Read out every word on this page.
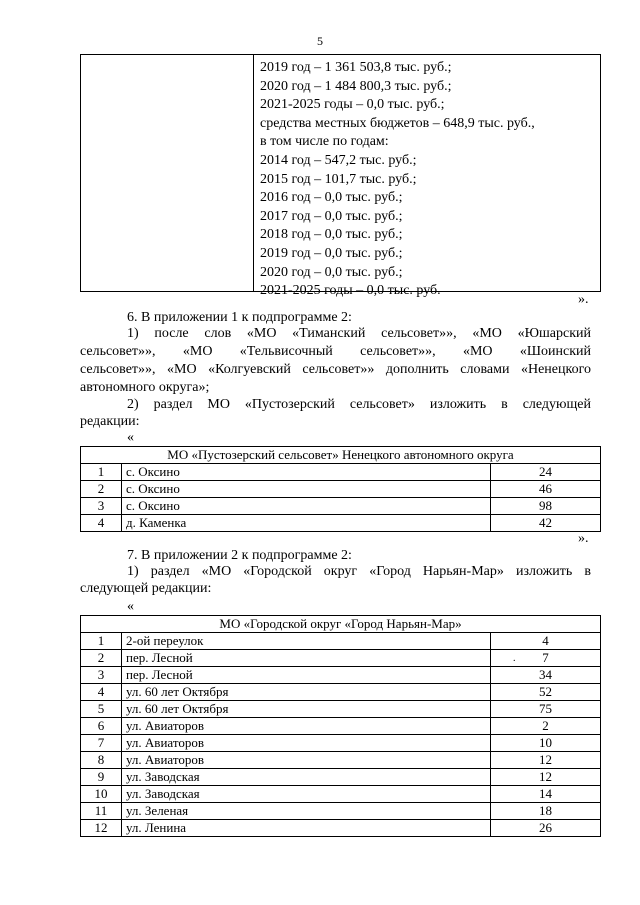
5
2019 год – 1 361 503,8 тыс. руб.;
2020 год – 1 484 800,3 тыс. руб.;
2021-2025 годы – 0,0 тыс. руб.;
средства местных бюджетов – 648,9 тыс. руб.,
в том числе по годам:
2014 год – 547,2 тыс. руб.;
2015 год – 101,7 тыс. руб.;
2016 год – 0,0 тыс. руб.;
2017 год – 0,0 тыс. руб.;
2018 год – 0,0 тыс. руб.;
2019 год – 0,0 тыс. руб.;
2020 год – 0,0 тыс. руб.;
2021-2025 годы – 0,0 тыс. руб.
».
6. В приложении 1 к подпрограмме 2:
1) после слов «МО «Тиманский сельсовет»», «МО «Юшарский
сельсовет»», «МО «Тельвисочный сельсовет»», «МО «Шоинский
сельсовет»», «МО «Колгуевский сельсовет»» дополнить словами «Ненецкого
автономного округа»;
2) раздел МО «Пустозерский сельсовет» изложить в следующей
редакции:
«
МО «Пустозерский сельсовет» Ненецкого автономного округа		
1	с. Оксино	24
2	с. Оксино	46
3	с. Оксино	98
4	д. Каменка	42
».
7. В приложении 2 к подпрограмме 2:
1) раздел «МО «Городской округ «Город Нарьян-Мар» изложить в
следующей редакции:
«
МО «Городской округ «Город Нарьян-Мар»		
1	2-ой переулок	4
2	пер. Лесной	7
3	пер. Лесной	34
4	ул. 60 лет Октября	52
5	ул. 60 лет Октября	75
6	ул. Авиаторов	2
7	ул. Авиаторов	10
8	ул. Авиаторов	12
9	ул. Заводская	12
10	ул. Заводская	14
11	ул. Зеленая	18
12	ул. Ленина	26
.
